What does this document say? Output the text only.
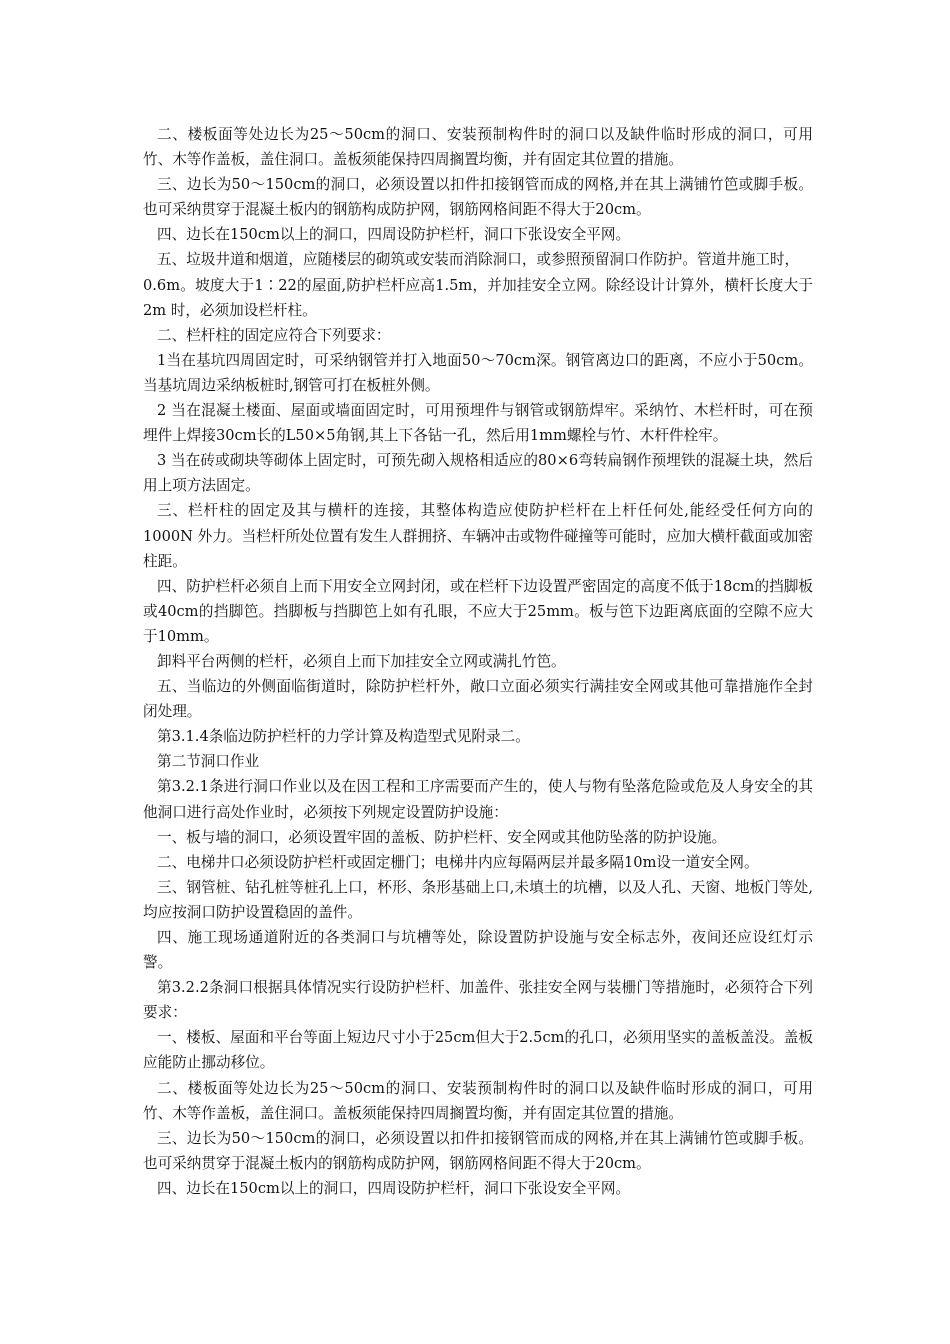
二、楼板面等处边长为25～50cm的洞口、安装预制构件时的洞口以及缺件临时形成的洞口，可用竹、木等作盖板，盖住洞口。盖板须能保持四周搁置均衡，并有固定其位置的措施。

三、边长为50～150cm的洞口，必须设置以扣件扣接钢管而成的网格,并在其上满铺竹笆或脚手板。也可采纳贯穿于混凝土板内的钢筋构成防护网，钢筋网格间距不得大于20cm。

四、边长在150cm以上的洞口，四周设防护栏杆，洞口下张设安全平网。

五、垃圾井道和烟道，应随楼层的砌筑或安装而消除洞口，或参照预留洞口作防护。管道井施工时，

0.6m。坡度大于1∶22的屋面,防护栏杆应高1.5m，并加挂安全立网。除经设计计算外，横杆长度大于2m 时，必须加设栏杆柱。

二、栏杆柱的固定应符合下列要求：

1当在基坑四周固定时，可采纳钢管并打入地面50～70cm深。钢管离边口的距离，不应小于50cm。当基坑周边采纳板桩时,钢管可打在板桩外侧。

2 当在混凝土楼面、屋面或墙面固定时，可用预埋件与钢管或钢筋焊牢。采纳竹、木栏杆时，可在预埋件上焊接30cm长的L50×5角钢,其上下各钻一孔，然后用1mm螺栓与竹、木杆件栓牢。

3 当在砖或砌块等砌体上固定时，可预先砌入规格相适应的80×6弯转扁钢作预埋铁的混凝土块，然后用上项方法固定。

三、栏杆柱的固定及其与横杆的连接，其整体构造应使防护栏杆在上杆任何处,能经受任何方向的1000N 外力。当栏杆所处位置有发生人群拥挤、车辆冲击或物件碰撞等可能时，应加大横杆截面或加密柱距。

四、防护栏杆必须自上而下用安全立网封闭，或在栏杆下边设置严密固定的高度不低于18cm的挡脚板或40cm的挡脚笆。挡脚板与挡脚笆上如有孔眼，不应大于25mm。板与笆下边距离底面的空隙不应大于10mm。

卸料平台两侧的栏杆，必须自上而下加挂安全立网或满扎竹笆。

五、当临边的外侧面临街道时，除防护栏杆外，敞口立面必须实行满挂安全网或其他可靠措施作全封闭处理。

第3.1.4条临边防护栏杆的力学计算及构造型式见附录二。

第二节洞口作业

第3.2.1条进行洞口作业以及在因工程和工序需要而产生的，使人与物有坠落危险或危及人身安全的其他洞口进行高处作业时，必须按下列规定设置防护设施：

一、板与墙的洞口，必须设置牢固的盖板、防护栏杆、安全网或其他防坠落的防护设施。

二、电梯井口必须设防护栏杆或固定栅门；电梯井内应每隔两层并最多隔10m设一道安全网。

三、钢管桩、钻孔桩等桩孔上口，杯形、条形基础上口,未填土的坑槽，以及人孔、天窗、地板门等处,均应按洞口防护设置稳固的盖件。

四、施工现场通道附近的各类洞口与坑槽等处，除设置防护设施与安全标志外，夜间还应设红灯示警。

第3.2.2条洞口根据具体情况实行设防护栏杆、加盖件、张挂安全网与装栅门等措施时，必须符合下列要求：

一、楼板、屋面和平台等面上短边尺寸小于25cm但大于2.5cm的孔口，必须用坚实的盖板盖没。盖板应能防止挪动移位。

二、楼板面等处边长为25～50cm的洞口、安装预制构件时的洞口以及缺件临时形成的洞口，可用竹、木等作盖板，盖住洞口。盖板须能保持四周搁置均衡，并有固定其位置的措施。

三、边长为50～150cm的洞口，必须设置以扣件扣接钢管而成的网格,并在其上满铺竹笆或脚手板。也可采纳贯穿于混凝土板内的钢筋构成防护网，钢筋网格间距不得大于20cm。

四、边长在150cm以上的洞口，四周设防护栏杆，洞口下张设安全平网。
